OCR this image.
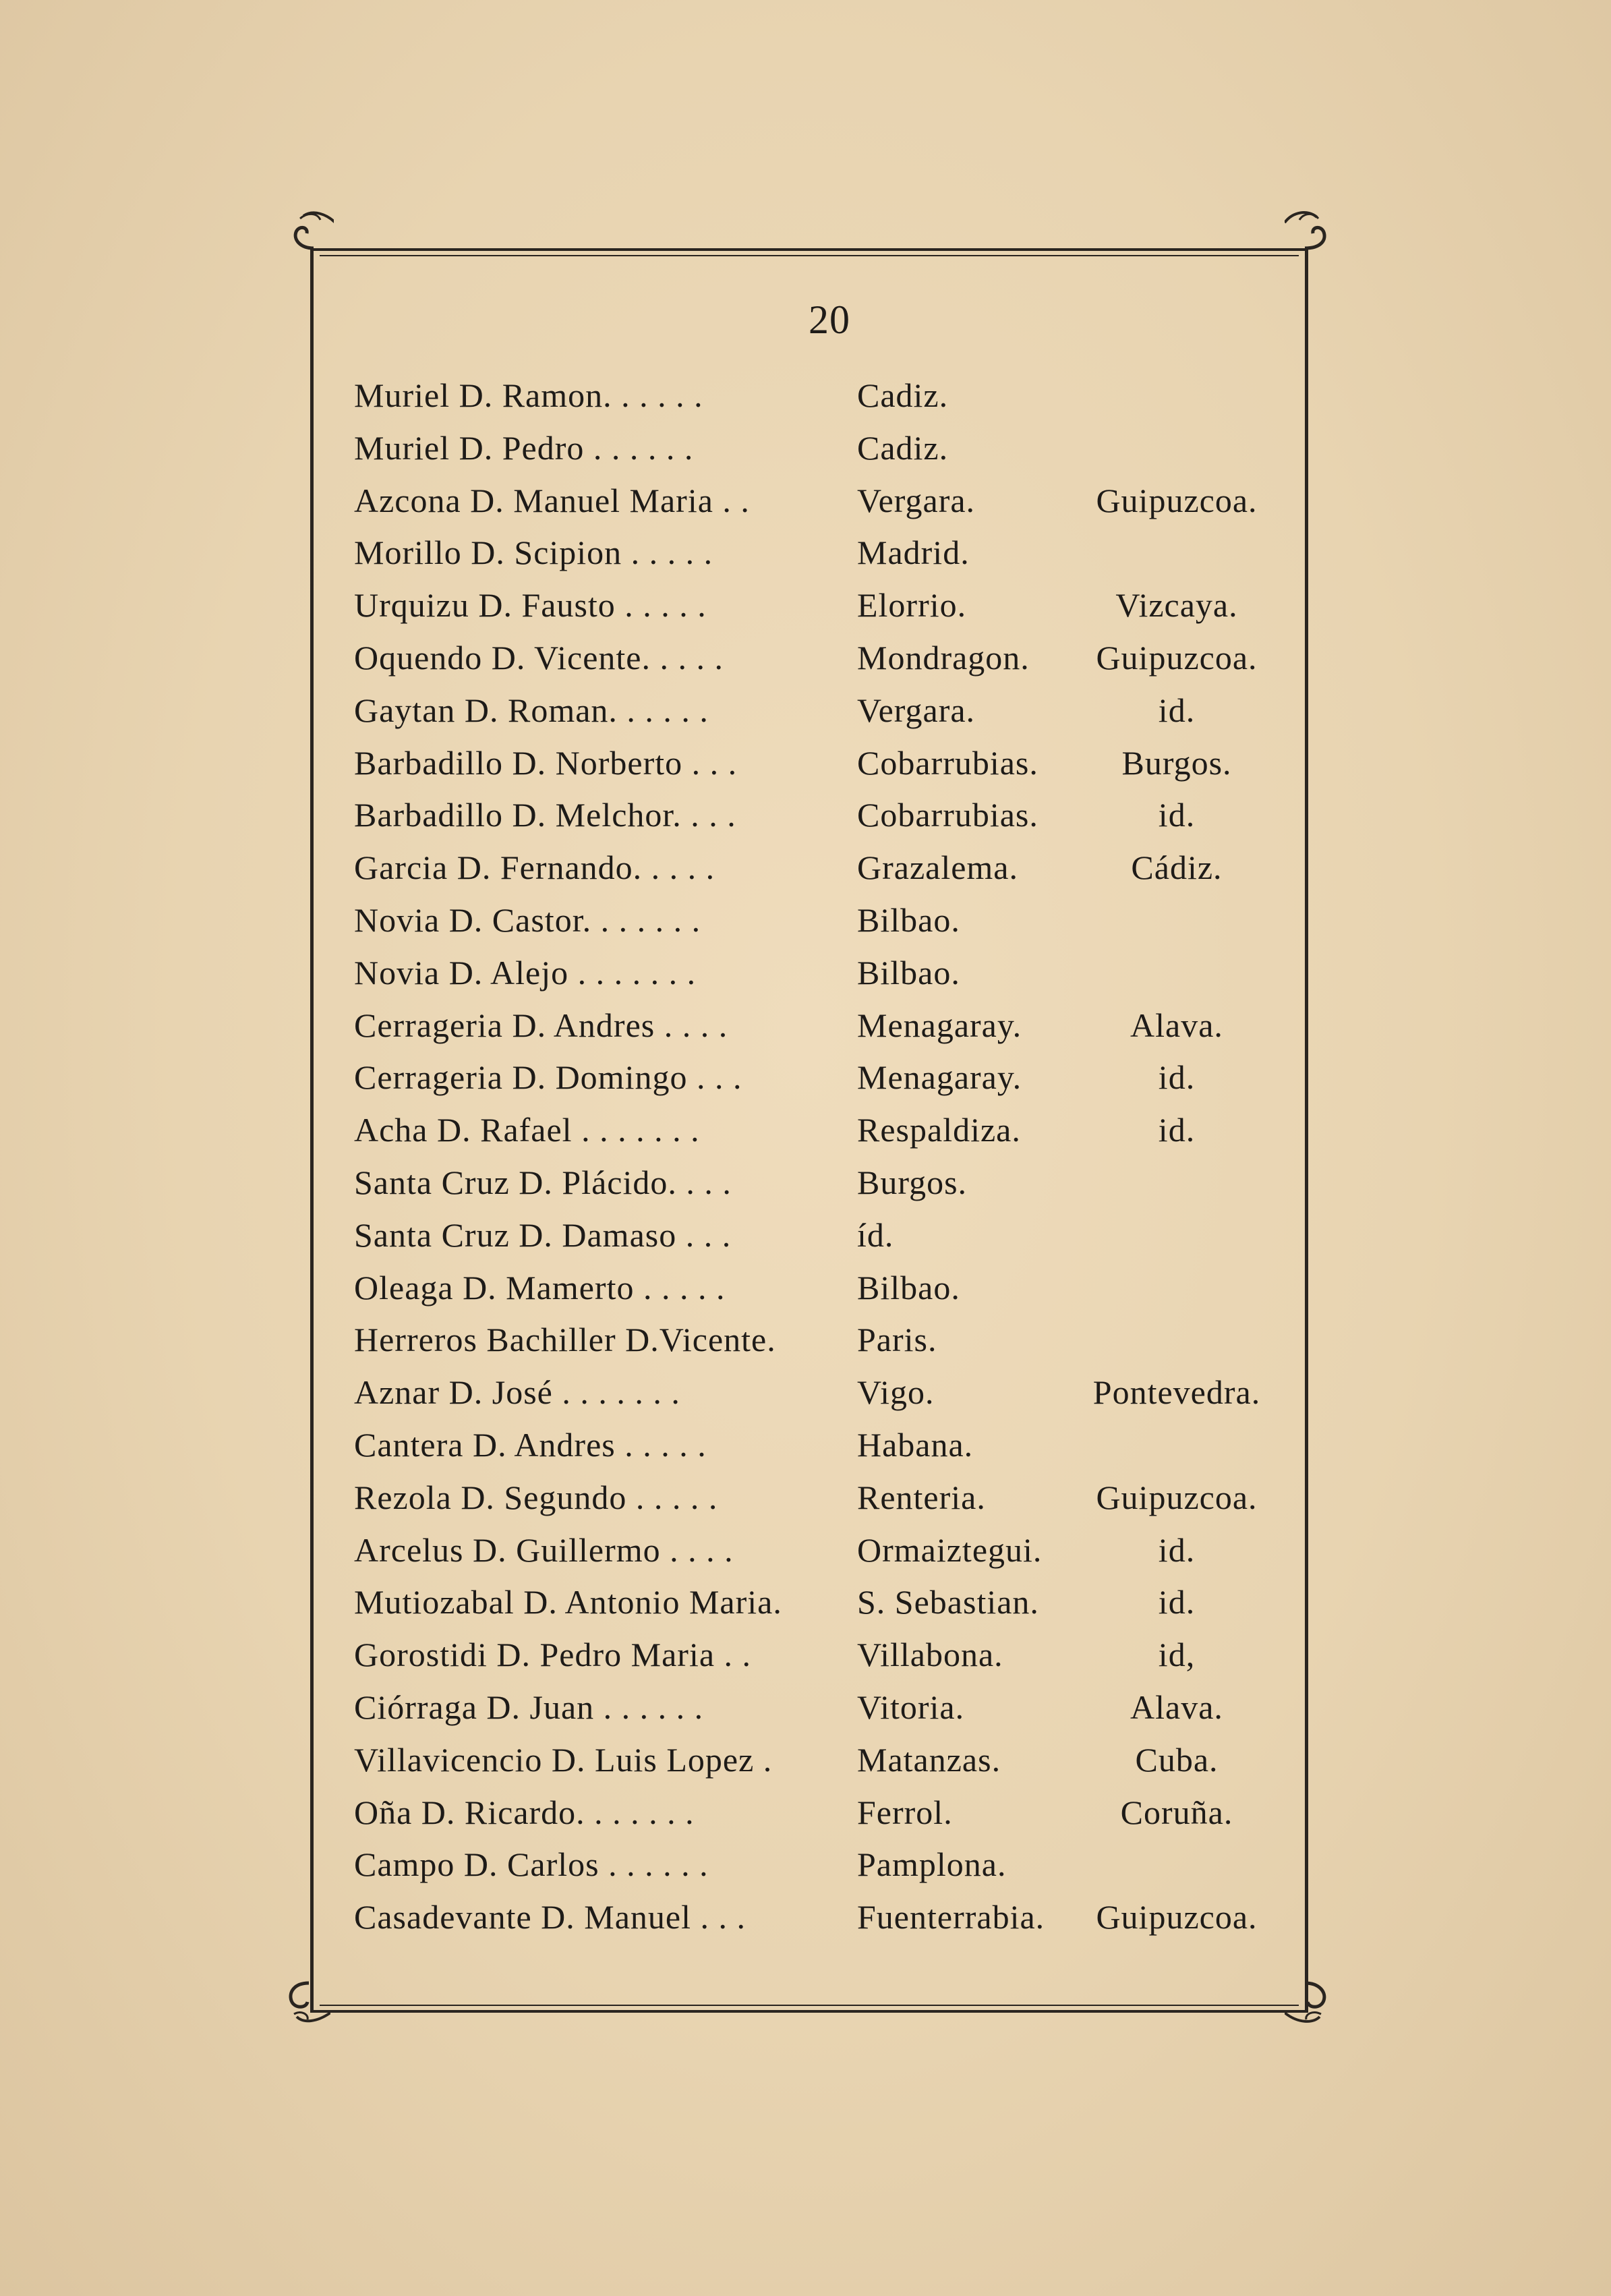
20
Muriel D. Ramon. . . . . .	Cadiz.
Muriel D. Pedro . . . . . .	Cadiz.
Azcona D. Manuel Maria . .	Vergara.	Guipuzcoa.
Morillo D. Scipion . . . . .	Madrid.
Urquizu D. Fausto . . . . .	Elorrio.	Vizcaya.
Oquendo D. Vicente. . . . .	Mondragon.	Guipuzcoa.
Gaytan D. Roman. . . . . .	Vergara.	id.
Barbadillo D. Norberto . . .	Cobarrubias.	Burgos.
Barbadillo D. Melchor. . . .	Cobarrubias.	id.
Garcia D. Fernando. . . . .	Grazalema.	Cádiz.
Novia D. Castor. . . . . . .	Bilbao.
Novia D. Alejo . . . . . . .	Bilbao.
Cerrageria D. Andres . . . .	Menagaray.	Alava.
Cerrageria D. Domingo . . .	Menagaray.	id.
Acha D. Rafael . . . . . . .	Respaldiza.	id.
Santa Cruz D. Plácido. . . .	Burgos.
Santa Cruz D. Damaso . . .	íd.
Oleaga D. Mamerto . . . . .	Bilbao.
Herreros Bachiller D.Vicente. Paris.
Aznar D. José . . . . . . .	Vigo.	Pontevedra.
Cantera D. Andres . . . . .	Habana.
Rezola D. Segundo . . . . .	Renteria.	Guipuzcoa.
Arcelus D. Guillermo . . . .	Ormaiztegui.	id.
Mutiozabal D. Antonio Maria. S. Sebastian.	id.
Gorostidi D. Pedro Maria . .	Villabona.	id,
Ciórraga D. Juan . . . . . .	Vitoria.	Alava.
Villavicencio D. Luis Lopez .	Matanzas.	Cuba.
Oña D. Ricardo. . . . . . .	Ferrol.	Coruña.
Campo D. Carlos . . . . . .	Pamplona.
Casadevante D. Manuel . . .	Fuenterrabia.	Guipuzcoa.
